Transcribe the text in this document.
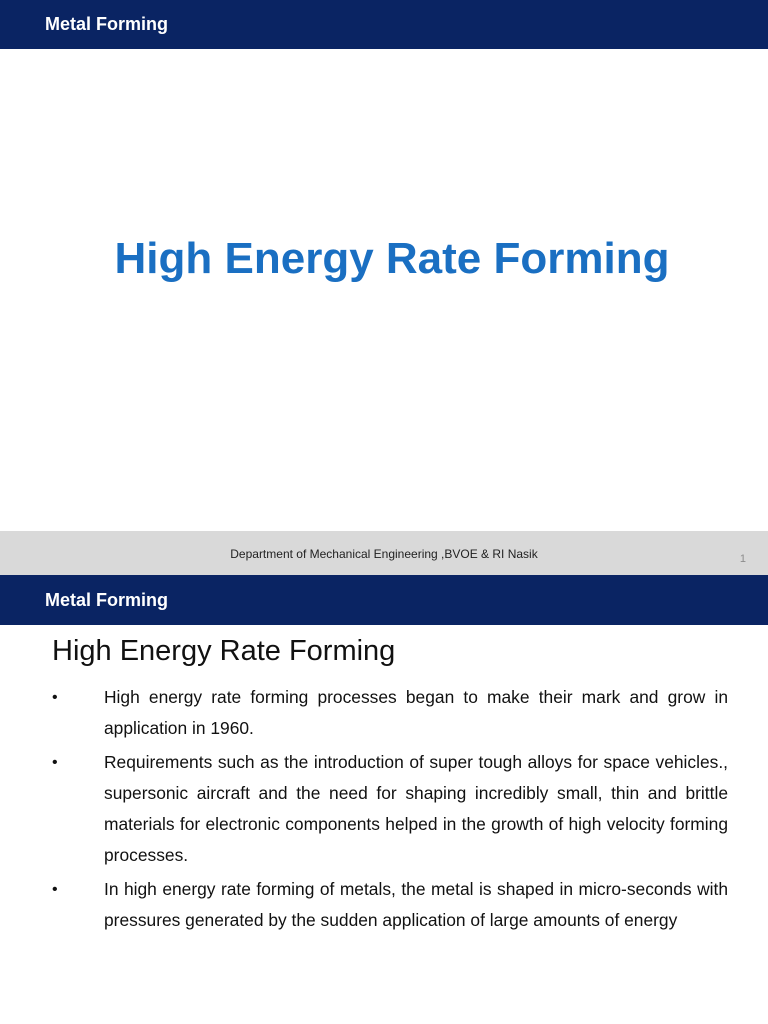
Metal Forming
High Energy Rate Forming
Department of Mechanical Engineering ,BVOE & RI Nasik	1
Metal Forming
High Energy Rate Forming
•	High energy rate forming processes began to make their mark and grow in application in 1960.
•	Requirements such as the introduction of super tough alloys for space vehicles., supersonic aircraft and the need for shaping incredibly small, thin and brittle materials for electronic components helped in the growth of high velocity forming processes.
•	In high energy rate forming of metals, the metal is shaped in micro-seconds with pressures generated by the sudden application of large amounts of energy
